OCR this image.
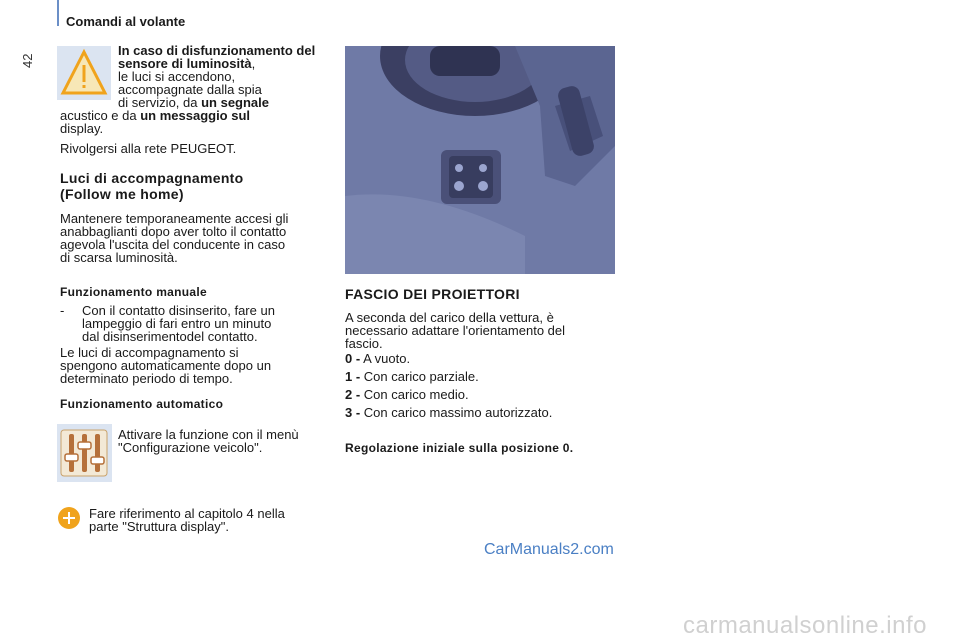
42
Comandi al volante

In caso di disfunzionamento del sensore di luminosità,

le luci si accendono,

accompagnate dalla spia

di servizio, da un segnale

acustico e da un messaggio sul

display.

Rivolgersi alla rete PEUGEOT.

Luci di accompagnamento
(Follow me home)

Mantenere temporaneamente accesi gli

anabbaglianti dopo aver tolto il contatto

agevola l'uscita del conducente in caso

di scarsa luminosità.

Funzionamento manuale
- Con il contatto disinserito, fare un

lampeggio di fari entro un minuto

dal disinserimentodel contatto.

Le luci di accompagnamento si

spengono automaticamente dopo un

determinato periodo di tempo.

Funzionamento automatico

Attivare la funzione con il menù

"Configurazione veicolo".

Fare riferimento al capitolo 4 nella

parte "Struttura display".

FASCIO DEI PROIETTORI

A seconda del carico della vettura, è

necessario adattare l'orientamento del

fascio.

0 - A vuoto.

1 - Con carico parziale.

2 - Con carico medio.

3 - Con carico massimo autorizzato.

Regolazione iniziale sulla posizione 0.
CarManuals2.com
carmanualsonline.info
